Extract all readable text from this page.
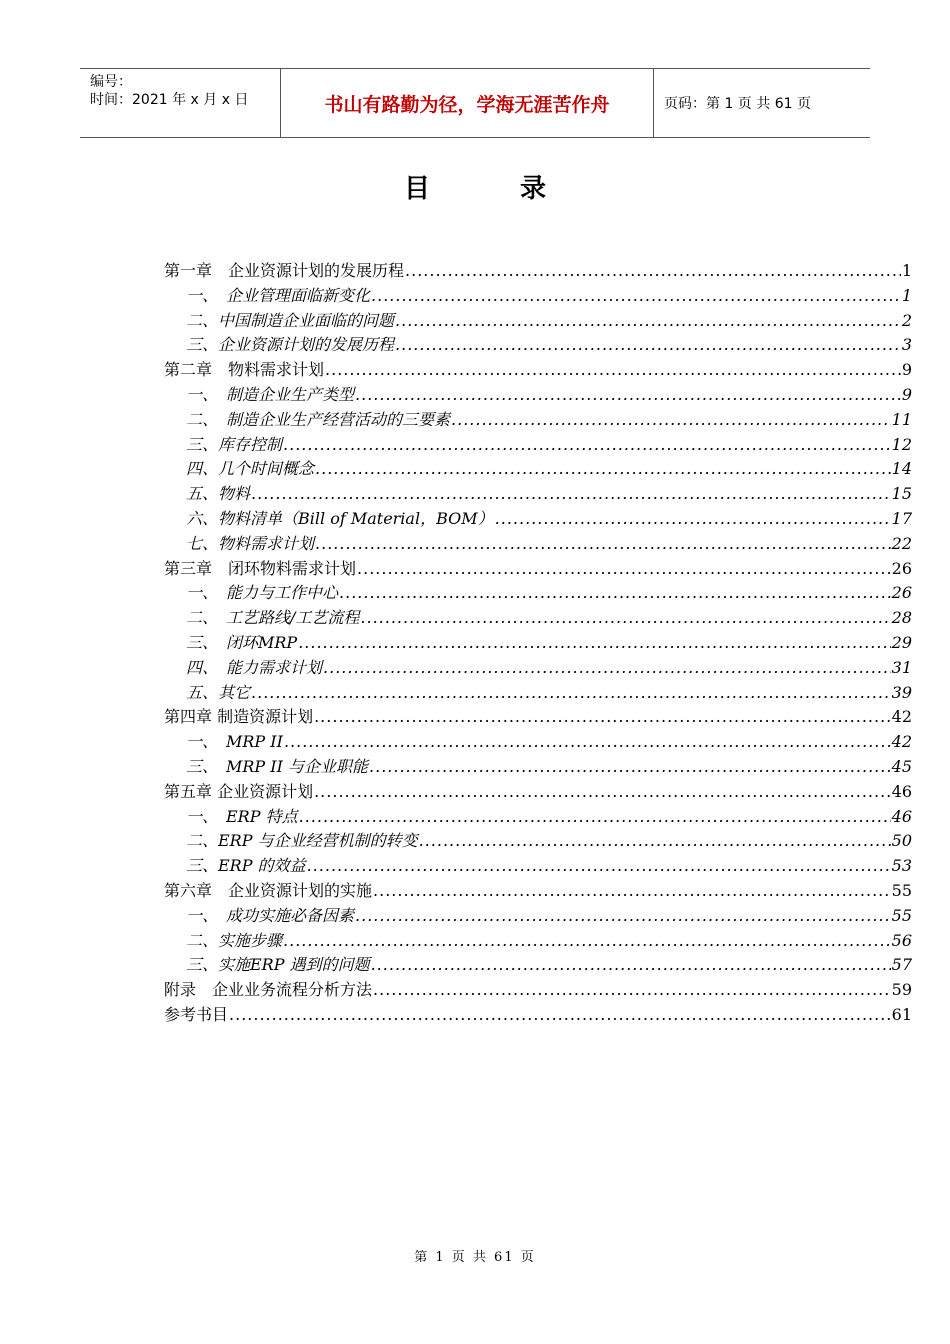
编号：
时间：2021 年 x 月 x 日	书山有路勤为径，学海无涯苦作舟	页码：第 1 页 共 61 页
目	录
第一章　企业资源计划的发展历程 .....	1
一、　企业管理面临新变化 .....	1
二、中国制造企业面临的问题 .....	2
三、企业资源计划的发展历程 .....	3
第二章　物料需求计划 .....	9
一、　制造企业生产类型 .....	9
二、　制造企业生产经营活动的三要素 .....	11
三、库存控制 .....	12
四、几个时间概念 .....	14
五、物料 .....	15
六、物料清单（Bill of Material，BOM） .....	17
七、物料需求计划 .....	22
第三章　闭环物料需求计划 .....	26
一、　能力与工作中心 .....	26
二、　工艺路线/工艺流程 .....	28
三、　闭环MRP .....	29
四、　能力需求计划 .....	31
五、其它 .....	39
第四章 制造资源计划 .....	42
一、　MRP II .....	42
三、　MRP II 与企业职能 .....	45
第五章 企业资源计划 .....	46
一、　ERP 特点 .....	46
二、ERP 与企业经营机制的转变 .....	50
三、ERP 的效益 .....	53
第六章　企业资源计划的实施 .....	55
一、　成功实施必备因素 .....	55
二、实施步骤 .....	56
三、实施ERP 遇到的问题 .....	57
附录　企业业务流程分析方法 .....	59
参考书目 .....	61
第 1 页 共 61 页
